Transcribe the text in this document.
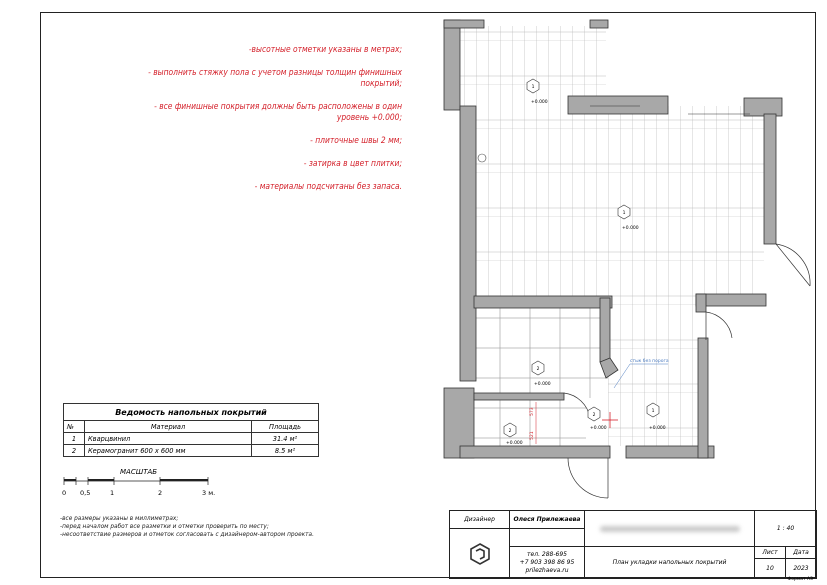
-высотные отметки указаны в метрах;
- выполнить стяжку пола с учетом разницы толщин финишных покрытий;
- все финишные покрытия должны быть расположены в один уровень +0.000;
- плиточные швы 2 мм;
- затирка в цвет плитки;
- материалы подсчитаны без запаса.
1
+0.000
1
+0.000
2
+0.000
2
+0.000
2
+0.000
1
+0.000
стык без порога
573
521
Ведомость напольных покрытий		
№	Материал	Площадь
1	Кварцвинил	31.4 м²
2	Керамогранит 600 х 600 мм	8.5 м²
МАСШТАБ
0 0,5	1	2	3 м.
-все размеры указаны в миллиметрах;
-перед началом работ все разметки и отметки проверить по месту;
-несоответствие размеров и отметок согласовать с дизайнером-автором проекта.
Дизайнер	Олеся Прилежаева
1 : 40
тел. 288-695
+7 903 398 86 95
prilezhaeva.ru
План укладки напольных покрытий
Лист	Дата
10	2023
Формат А3
